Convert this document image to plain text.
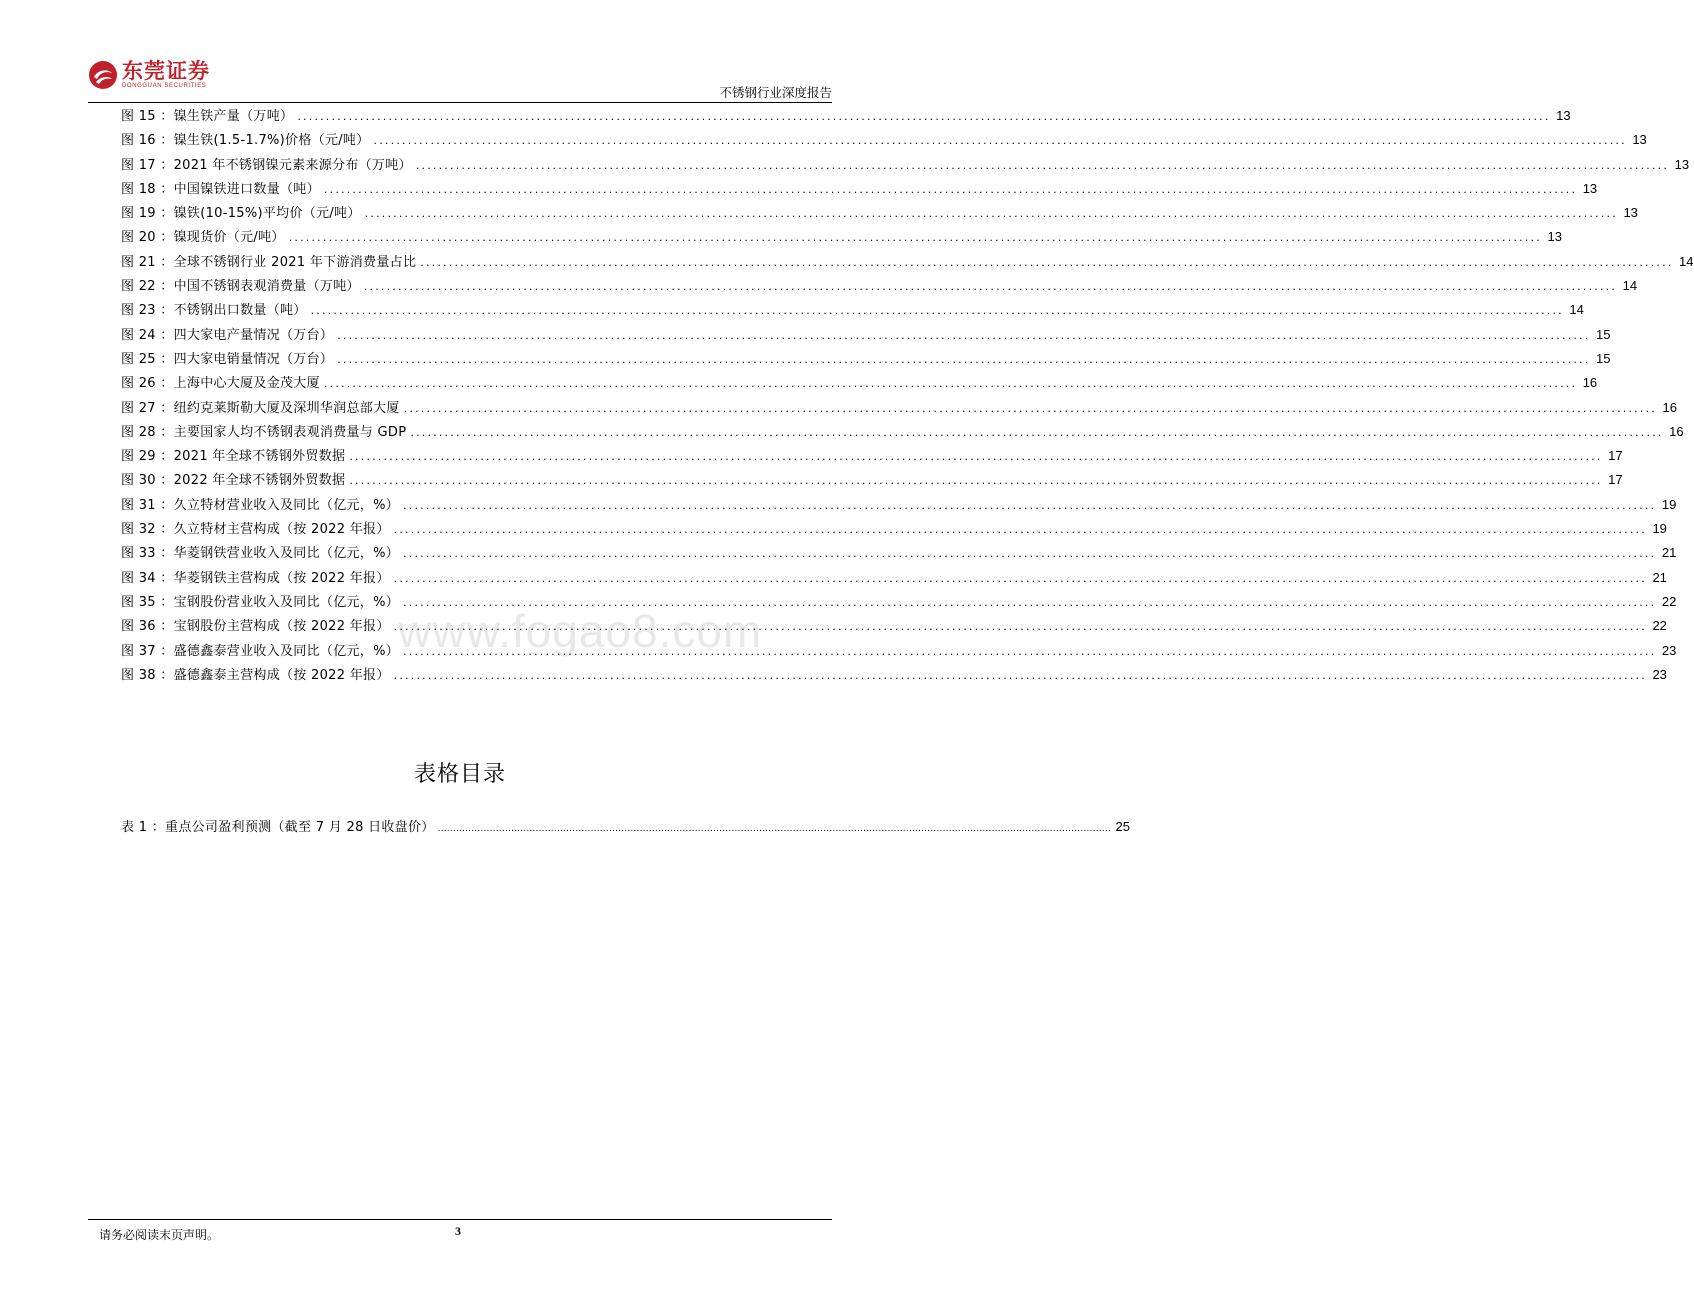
东莞证券
DONGGUAN SECURITIES	不锈钢行业深度报告
图 15 ：镍生铁产量（万吨） ............................................................................................................................................................................................................................ 13
图 16 ：镍生铁(1.5-1.7%)价格（元/吨） ............................................................................................................................................................................................................................ 13
图 17 ：2021 年不锈钢镍元素来源分布（万吨） ............................................................................................................................................................................................................................ 13
图 18 ：中国镍铁进口数量（吨） ............................................................................................................................................................................................................................ 13
图 19 ：镍铁(10-15%)平均价（元/吨） ............................................................................................................................................................................................................................ 13
图 20 ：镍现货价（元/吨） ............................................................................................................................................................................................................................ 13
图 21 ：全球不锈钢行业 2021 年下游消费量占比 ............................................................................................................................................................................................................................ 14
图 22 ：中国不锈钢表观消费量（万吨） ............................................................................................................................................................................................................................ 14
图 23 ：不锈钢出口数量（吨） ............................................................................................................................................................................................................................ 14
图 24 ：四大家电产量情况（万台） ............................................................................................................................................................................................................................ 15
图 25 ：四大家电销量情况（万台） ............................................................................................................................................................................................................................ 15
图 26 ：上海中心大厦及金茂大厦 ............................................................................................................................................................................................................................ 16
图 27 ：纽约克莱斯勒大厦及深圳华润总部大厦 ............................................................................................................................................................................................................................ 16
图 28 ：主要国家人均不锈钢表观消费量与 GDP ............................................................................................................................................................................................................................ 16
图 29 ：2021 年全球不锈钢外贸数据 ............................................................................................................................................................................................................................ 17
图 30 ：2022 年全球不锈钢外贸数据 ............................................................................................................................................................................................................................ 17
图 31 ：久立特材营业收入及同比（亿元，%） ............................................................................................................................................................................................................................ 19
图 32 ：久立特材主营构成（按 2022 年报） ............................................................................................................................................................................................................................ 19
图 33 ：华菱钢铁营业收入及同比（亿元，%） ............................................................................................................................................................................................................................ 21
图 34 ：华菱钢铁主营构成（按 2022 年报） ............................................................................................................................................................................................................................ 21
图 35 ：宝钢股份营业收入及同比（亿元，%） ............................................................................................................................................................................................................................ 22
图 36 ：宝钢股份主营构成（按 2022 年报） ............................................................................................................................................................................................................................ 22
图 37 ：盛德鑫泰营业收入及同比（亿元，%） ............................................................................................................................................................................................................................ 23
图 38 ：盛德鑫泰主营构成（按 2022 年报） ............................................................................................................................................................................................................................ 23
表格目录
表 1 ：重点公司盈利预测（截至 7 月 28 日收盘价） ............................................................................................................................................................................................................................ 25
www.fogao8.com
请务必阅读末页声明。	3
